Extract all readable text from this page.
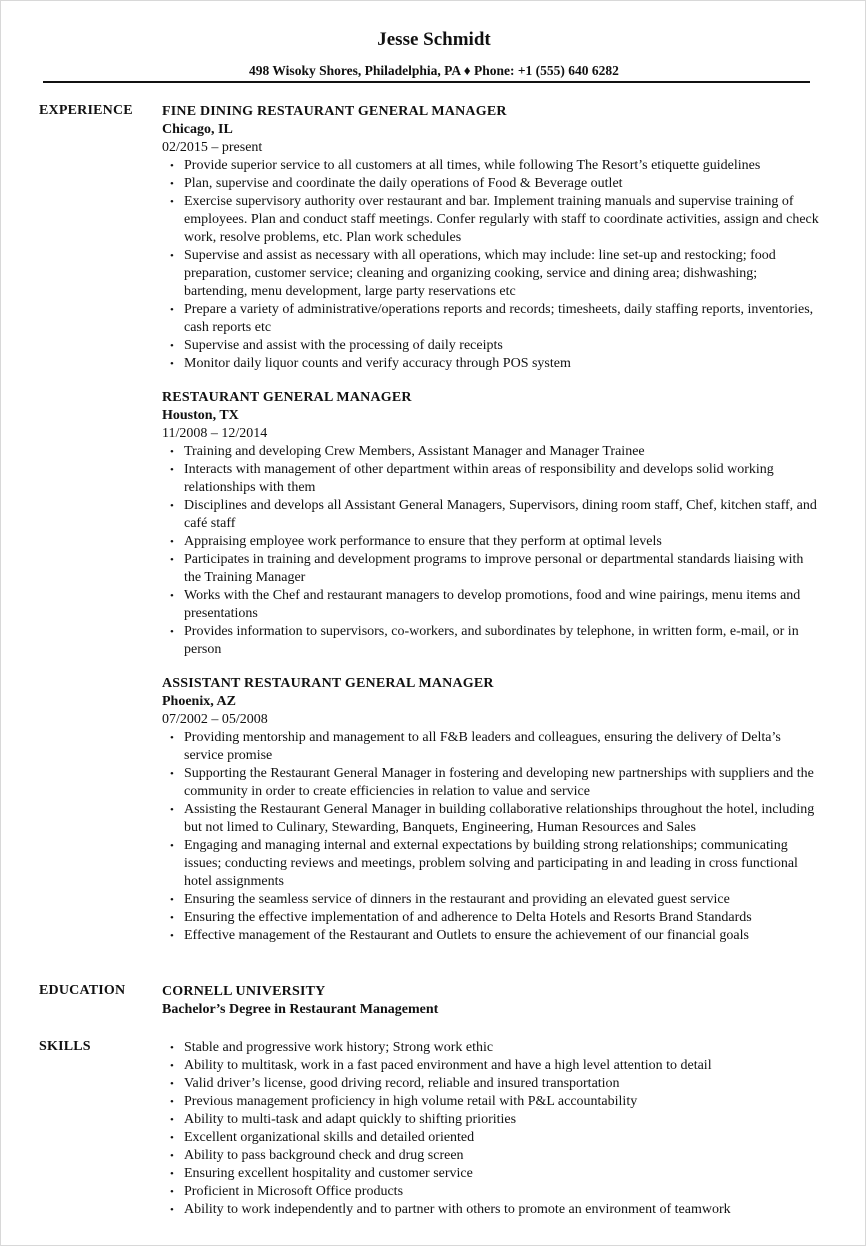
Jesse Schmidt
498 Wisoky Shores, Philadelphia, PA ♦ Phone: +1 (555) 640 6282
EXPERIENCE FINE DINING RESTAURANT GENERAL MANAGER
Chicago, IL
02/2015 – present
• Provide superior service to all customers at all times, while following The Resort’s etiquette guidelines
• Plan, supervise and coordinate the daily operations of Food & Beverage outlet
• Exercise supervisory authority over restaurant and bar. Implement training manuals and supervise training of employees. Plan and conduct staff meetings. Confer regularly with staff to coordinate activities, assign and check work, resolve problems, etc. Plan work schedules
• Supervise and assist as necessary with all operations, which may include: line set-up and restocking; food preparation, customer service; cleaning and organizing cooking, service and dining area; dishwashing; bartending, menu development, large party reservations etc
• Prepare a variety of administrative/operations reports and records; timesheets, daily staffing reports, inventories, cash reports etc
• Supervise and assist with the processing of daily receipts
• Monitor daily liquor counts and verify accuracy through POS system
RESTAURANT GENERAL MANAGER
Houston, TX
11/2008 – 12/2014
• Training and developing Crew Members, Assistant Manager and Manager Trainee
• Interacts with management of other department within areas of responsibility and develops solid working relationships with them
• Disciplines and develops all Assistant General Managers, Supervisors, dining room staff, Chef, kitchen staff, and café staff
• Appraising employee work performance to ensure that they perform at optimal levels
• Participates in training and development programs to improve personal or departmental standards liaising with the Training Manager
• Works with the Chef and restaurant managers to develop promotions, food and wine pairings, menu items and presentations
• Provides information to supervisors, co-workers, and subordinates by telephone, in written form, e-mail, or in person
ASSISTANT RESTAURANT GENERAL MANAGER
Phoenix, AZ
07/2002 – 05/2008
• Providing mentorship and management to all F&B leaders and colleagues, ensuring the delivery of Delta’s service promise
• Supporting the Restaurant General Manager in fostering and developing new partnerships with suppliers and the community in order to create efficiencies in relation to value and service
• Assisting the Restaurant General Manager in building collaborative relationships throughout the hotel, including but not limed to Culinary, Stewarding, Banquets, Engineering, Human Resources and Sales
• Engaging and managing internal and external expectations by building strong relationships; communicating issues; conducting reviews and meetings, problem solving and participating in and leading in cross functional hotel assignments
• Ensuring the seamless service of dinners in the restaurant and providing an elevated guest service
• Ensuring the effective implementation of and adherence to Delta Hotels and Resorts Brand Standards
• Effective management of the Restaurant and Outlets to ensure the achievement of our financial goals
EDUCATION	CORNELL UNIVERSITY
Bachelor’s Degree in Restaurant Management
SKILLS	• Stable and progressive work history; Strong work ethic
• Ability to multitask, work in a fast paced environment and have a high level attention to detail
• Valid driver’s license, good driving record, reliable and insured transportation
• Previous management proficiency in high volume retail with P&L accountability
• Ability to multi-task and adapt quickly to shifting priorities
• Excellent organizational skills and detailed oriented
• Ability to pass background check and drug screen
• Ensuring excellent hospitality and customer service
• Proficient in Microsoft Office products
• Ability to work independently and to partner with others to promote an environment of teamwork
